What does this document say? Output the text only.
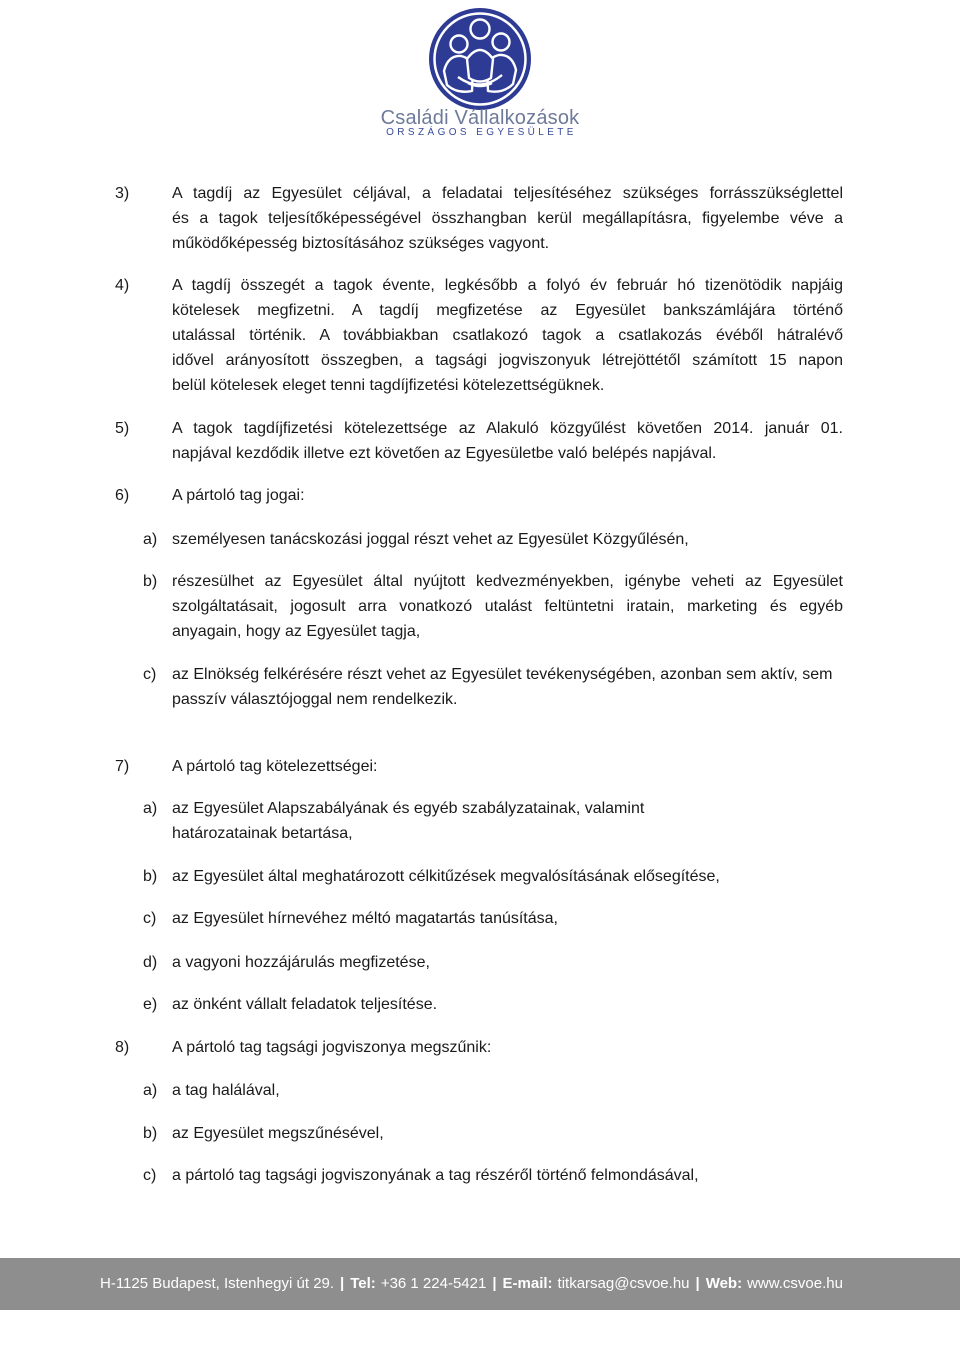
Családi Vállalkozások
ORSZÁGOS EGYESÜLETE
3)	A tagdíj az Egyesület céljával, a feladatai teljesítéséhez szükséges forrásszükséglettel
és a tagok teljesítőképességével összhangban kerül megállapításra, figyelembe véve a
működőképesség biztosításához szükséges vagyont.
4)	A tagdíj összegét a tagok évente, legkésőbb a folyó év február hó tizenötödik napjáig
kötelesek megfizetni. A tagdíj megfizetése az Egyesület bankszámlájára történő
utalással történik. A továbbiakban csatlakozó tagok a csatlakozás évéből hátralévő
idővel arányosított összegben, a tagsági jogviszonyuk létrejöttétől számított 15 napon
belül kötelesek eleget tenni tagdíjfizetési kötelezettségüknek.
5)	A tagok tagdíjfizetési kötelezettsége az Alakuló közgyűlést követően 2014. január 01.
napjával kezdődik illetve ezt követően az Egyesületbe való belépés napjával.
6)	A pártoló tag jogai:
a) személyesen tanácskozási joggal részt vehet az Egyesület Közgyűlésén,
b) részesülhet az Egyesület által nyújtott kedvezményekben, igénybe veheti az Egyesület
szolgáltatásait, jogosult arra vonatkozó utalást feltüntetni iratain, marketing és egyéb
anyagain, hogy az Egyesület tagja,
c) az Elnökség felkérésére részt vehet az Egyesület tevékenységében, azonban sem aktív, sem
passzív választójoggal nem rendelkezik.
7)	A pártoló tag kötelezettségei:
a) az Egyesület Alapszabályának és egyéb szabályzatainak, valamint
határozatainak betartása,
b) az Egyesület által meghatározott célkitűzések megvalósításának elősegítése,
c) az Egyesület hírnevéhez méltó magatartás tanúsítása,
d) a vagyoni hozzájárulás megfizetése,
e) az önként vállalt feladatok teljesítése.
8)	A pártoló tag tagsági jogviszonya megszűnik:
a) a tag halálával,
b) az Egyesület megszűnésével,
c) a pártoló tag tagsági jogviszonyának a tag részéről történő felmondásával,
H-1125 Budapest, Istenhegyi út 29. | Tel: +36 1 224-5421 | E-mail: titkarsag@csvoe.hu | Web: www.csvoe.hu
